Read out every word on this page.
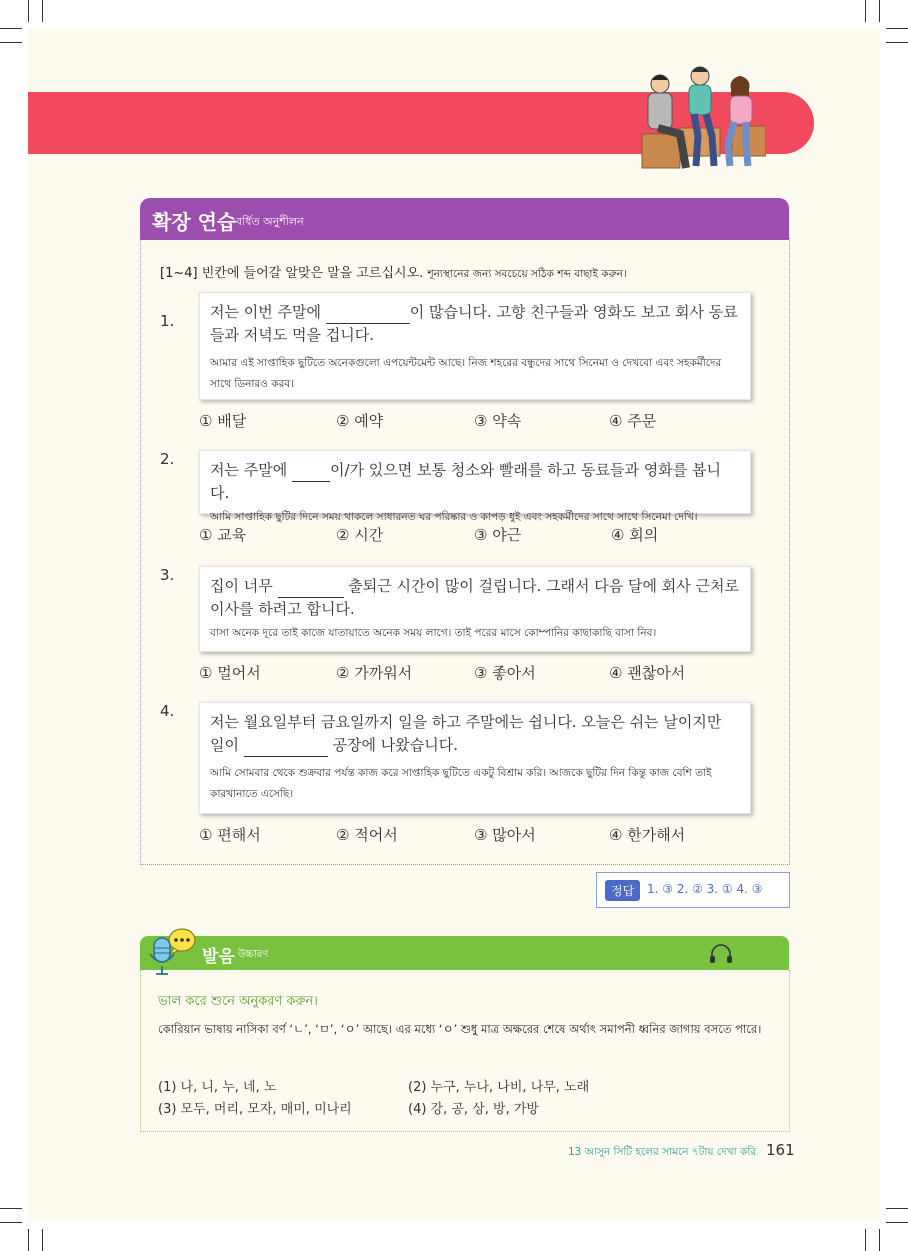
확장 연습 বর্ধিত অনুশীলন
[1~4] 빈칸에 들어갈 알맞은 말을 고르십시오. শূন্যস্থানের জন্য সবচেয়ে সঠিক শব্দ বাছাই করুন।
1. 저는 이번 주말에	이 많습니다. 고향 친구들과 영화도 보고 회사 동료들과 저녁도 먹을 겁니다.
আমার এই সাপ্তাহিক ছুটিতে অনেকগুলো এপয়েন্টমেন্ট আছে। নিজ শহরের বন্ধুদের সাথে সিনেমা ও দেখবো এবং সহকর্মীদের সাথে ডিনারও করব।
① 배달	② 예약	③ 약속	④ 주문
2.
저는 주말에	이/가 있으면 보통 청소와 빨래를 하고 동료들과 영화를 봅니다.
আমি সাপ্তাহিক ছুটির দিনে সময় থাকলে সাধারনত ঘর পরিষ্কার ও কাপড় ধুই এবং সহকর্মীদের সাথে সাথে সিনেমা দেখি।
① 교육	② 시간	③ 야근	④ 회의
3.
집이 너무	출퇴근 시간이 많이 걸립니다. 그래서 다음 달에 회사 근처로 이사를 하려고 합니다.
বাসা অনেক দূরে তাই কাজে যাতায়াতে অনেক সময় লাগে। তাই পরের মাসে কোম্পানির কাছাকাছি বাসা নিব।
① 멀어서	② 가까워서	③ 좋아서	④ 괜찮아서
4.
저는 월요일부터 금요일까지 일을 하고 주말에는 쉽니다. 오늘은 쉬는 날이지만 일이	공장에 나왔습니다.
আমি সোমবার থেকে শুক্রবার পর্যন্ত কাজ করে সাপ্তাহিক ছুটিতে একটু বিশ্রাম করি। আজকে ছুটির দিন কিন্তু কাজ বেশি তাই কারখানাতে এসেছি।
① 편해서	② 적어서	③ 많아서	④ 한가해서
정답	1. ③ 2. ② 3. ① 4. ③
발음 উচ্চারণ
ভাল করে শুনে অনুকরণ করুন।
কোরিয়ান ভাষায় নাসিকা বর্ণ ‘ㄴ’, ‘ㅁ’, ‘ㅇ’ আছে। এর মধ্যে ‘ㅇ’ শুধু মাত্র অক্ষরের শেষে অর্থাৎ সমাপনী ধ্বনির জাগায় বসতে পারে।
(1) 나, 니, 누, 네, 노	(2) 누구, 누나, 나비, 나무, 노래
(3) 모두, 머리, 모자, 매미, 미나리	(4) 강, 공, 상, 방, 가방
13 আসুন সিটি হলের সামনে ৭টায় দেখা করি 161
